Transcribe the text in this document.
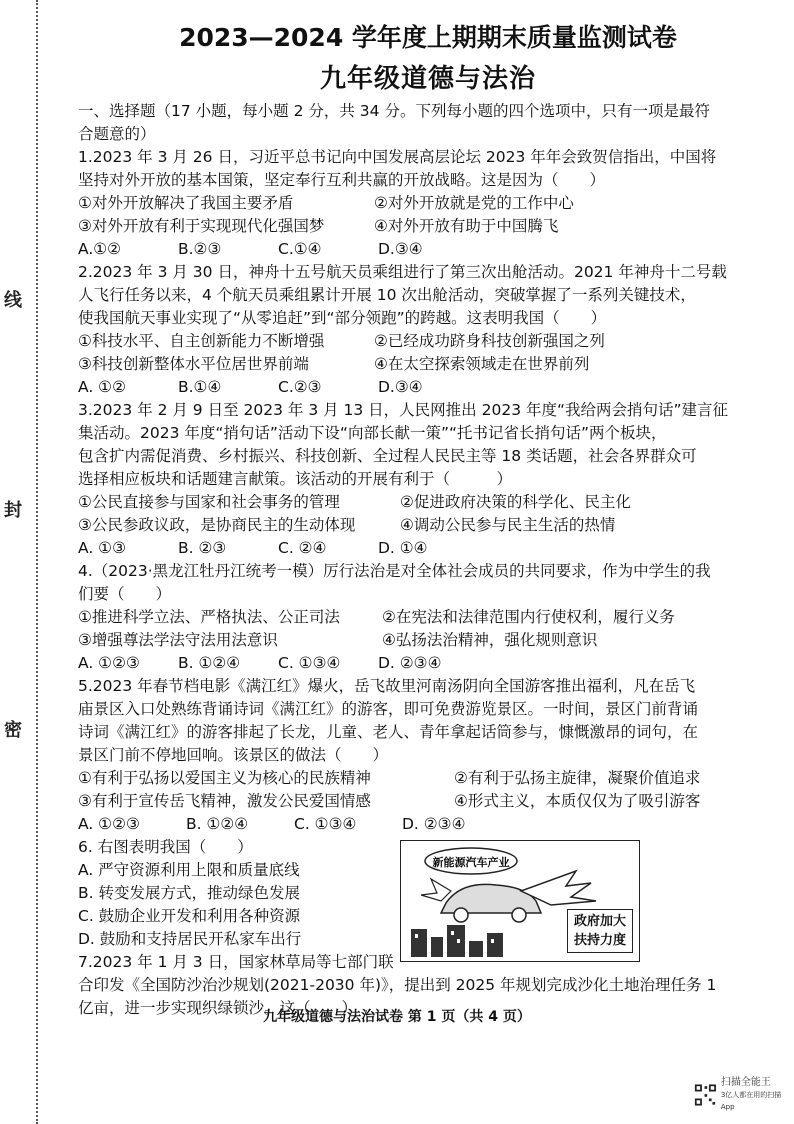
线
封
密
2023—2024 学年度上期期末质量监测试卷
九年级道德与法治
一、选择题（17 小题，每小题 2 分，共 34 分。下列每小题的四个选项中，只有一项是最符
合题意的）
1.2023 年 3 月 26 日，习近平总书记向中国发展高层论坛 2023 年年会致贺信指出，中国将
坚持对外开放的基本国策，坚定奉行互利共赢的开放战略。这是因为（　　）
①对外开放解决了我国主要矛盾	②对外开放就是党的工作中心
③对外开放有利于实现现代化强国梦	④对外开放有助于中国腾飞
A.①②	B.②③	C.①④	D.③④
2.2023 年 3 月 30 日，神舟十五号航天员乘组进行了第三次出舱活动。2021 年神舟十二号载
人飞行任务以来，4 个航天员乘组累计开展 10 次出舱活动，突破掌握了一系列关键技术，
使我国航天事业实现了“从零追赶”到“部分领跑”的跨越。这表明我国（　　）
①科技水平、自主创新能力不断增强	②已经成功跻身科技创新强国之列
③科技创新整体水平位居世界前端	④在太空探索领域走在世界前列
A. ①②	B.①④	C.②③	D.③④
3.2023 年 2 月 9 日至 2023 年 3 月 13 日，人民网推出 2023 年度“我给两会捎句话”建言征
集活动。2023 年度“捎句话”活动下设“向部长献一策”“托书记省长捎句话”两个板块，
包含扩内需促消费、乡村振兴、科技创新、全过程人民民主等 18 类话题，社会各界群众可
选择相应板块和话题建言献策。该活动的开展有利于（　　　）
①公民直接参与国家和社会事务的管理	②促进政府决策的科学化、民主化
③公民参政议政，是协商民主的生动体现	④调动公民参与民主生活的热情
A. ①③	B. ②③	C. ②④	D. ①④
4.（2023·黑龙江牡丹江统考一模）厉行法治是对全体社会成员的共同要求，作为中学生的我
们要（　　）
①推进科学立法、严格执法、公正司法	②在宪法和法律范围内行使权利，履行义务
③增强尊法学法守法用法意识	④弘扬法治精神，强化规则意识
A. ①②③	B. ①②④	C. ①③④	D. ②③④
5.2023 年春节档电影《满江红》爆火，岳飞故里河南汤阴向全国游客推出福利，凡在岳飞
庙景区入口处熟练背诵诗词《满江红》的游客，即可免费游览景区。一时间，景区门前背诵
诗词《满江红》的游客排起了长龙，儿童、老人、青年拿起话筒参与，慷慨激昂的词句，在
景区门前不停地回响。该景区的做法（　　）
①有利于弘扬以爱国主义为核心的民族精神	②有利于弘扬主旋律，凝聚价值追求
③有利于宣传岳飞精神，激发公民爱国情感	④形式主义，本质仅仅为了吸引游客
A. ①②③	B. ①②④	C. ①③④	D. ②③④
6. 右图表明我国（　　）
A. 严守资源利用上限和质量底线
B. 转变发展方式，推动绿色发展
C. 鼓励企业开发和利用各种资源
D. 鼓励和支持居民开私家车出行
7.2023 年 1 月 3 日，国家林草局等七部门联
新能源汽车产业
政府加大
扶持力度
合印发《全国防沙治沙规划(2021-2030 年)》，提出到 2025 年规划完成沙化土地治理任务 1
亿亩，进一步实现织绿锁沙。这（　　）
九年级道德与法治试卷 第 1 页（共 4 页）
扫描全能王
3亿人都在用的扫描App
